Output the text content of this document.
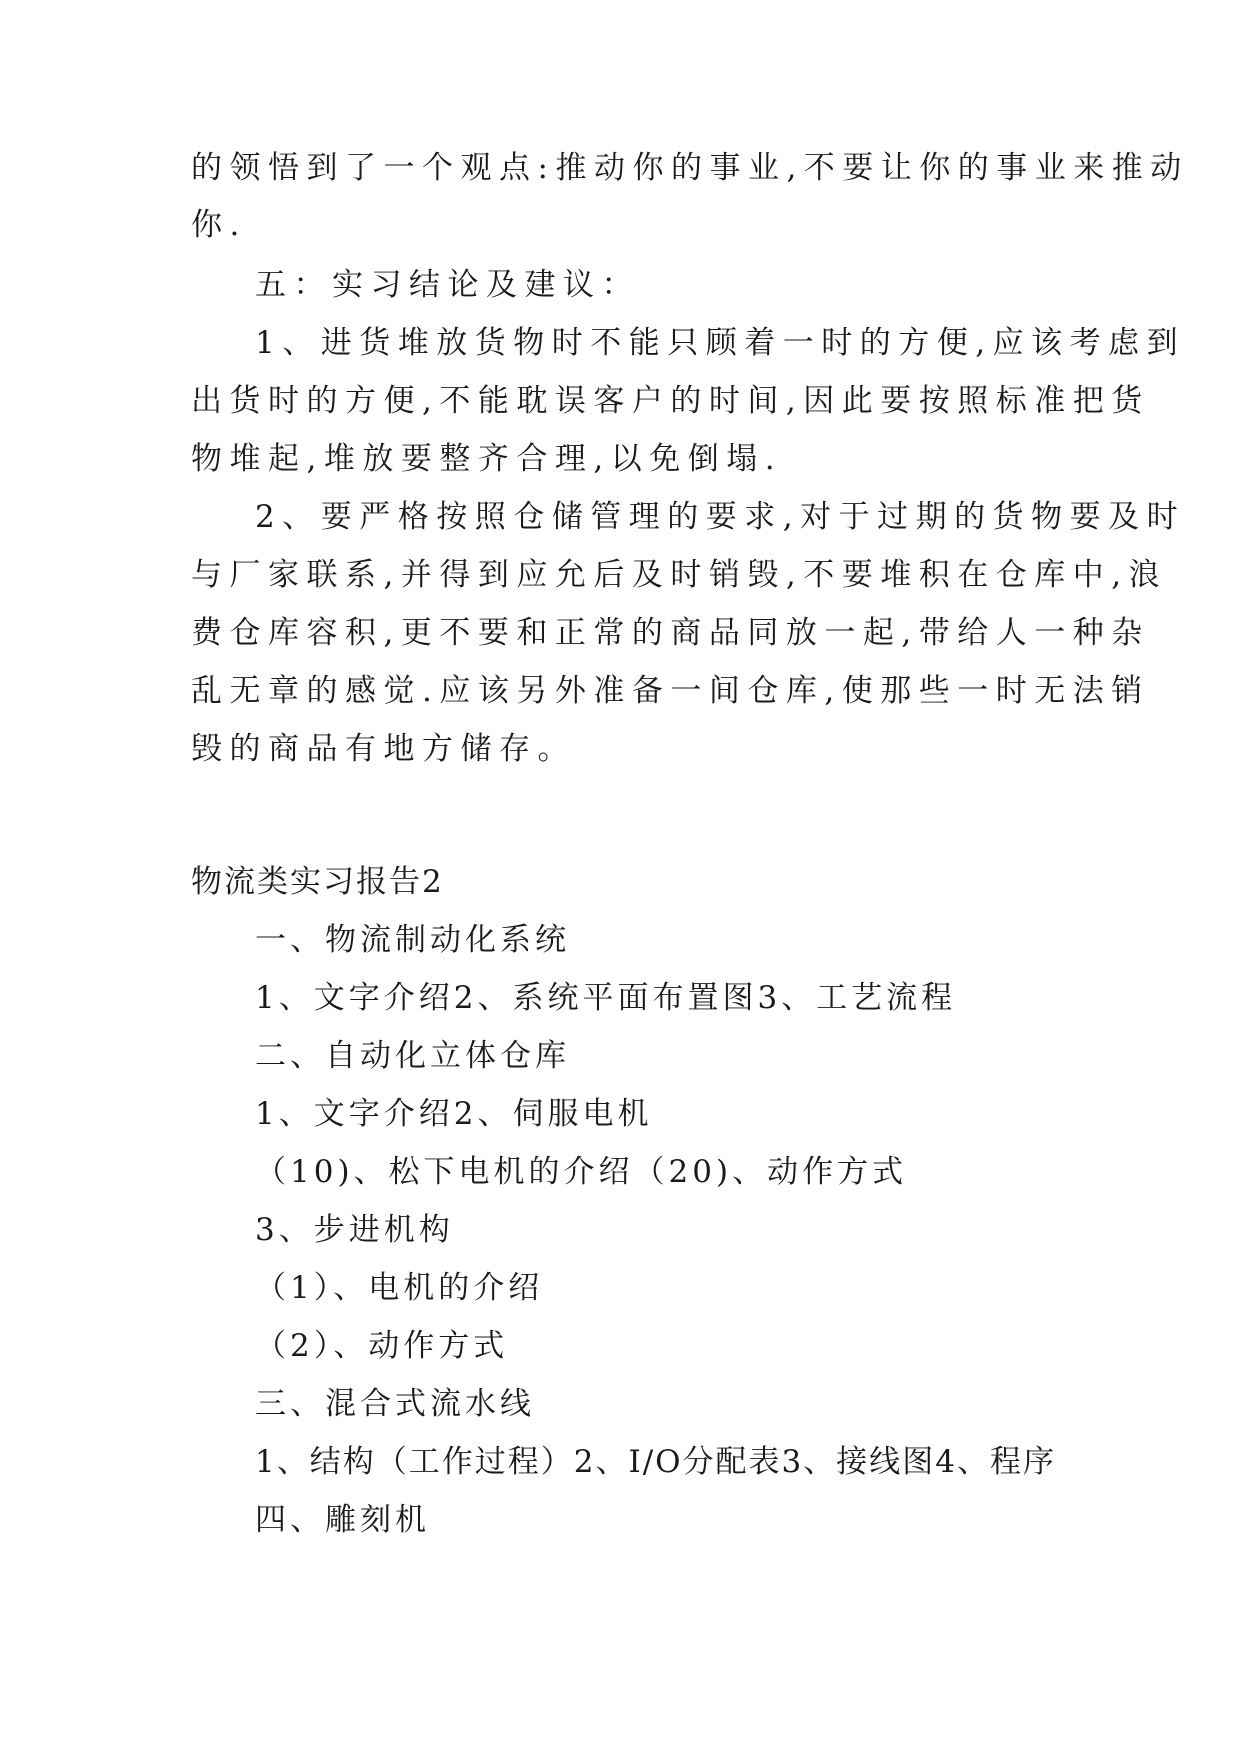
的领悟到了一个观点:推动你的事业,不要让你的事业来推动
你.
五：实习结论及建议：
1、进货堆放货物时不能只顾着一时的方便,应该考虑到
出货时的方便,不能耽误客户的时间,因此要按照标准把货
物堆起,堆放要整齐合理,以免倒塌.
2、要严格按照仓储管理的要求,对于过期的货物要及时
与厂家联系,并得到应允后及时销毁,不要堆积在仓库中,浪
费仓库容积,更不要和正常的商品同放一起,带给人一种杂
乱无章的感觉.应该另外准备一间仓库,使那些一时无法销
毁的商品有地方储存。
物流类实习报告2
一、物流制动化系统
1、文字介绍2、系统平面布置图3、工艺流程
二、自动化立体仓库
1、文字介绍2、伺服电机
（10)、松下电机的介绍（20)、动作方式
3、步进机构
（1）、电机的介绍
（2）、动作方式
三、混合式流水线
1、结构（工作过程）2、I/O分配表3、接线图4、程序
四、雕刻机
